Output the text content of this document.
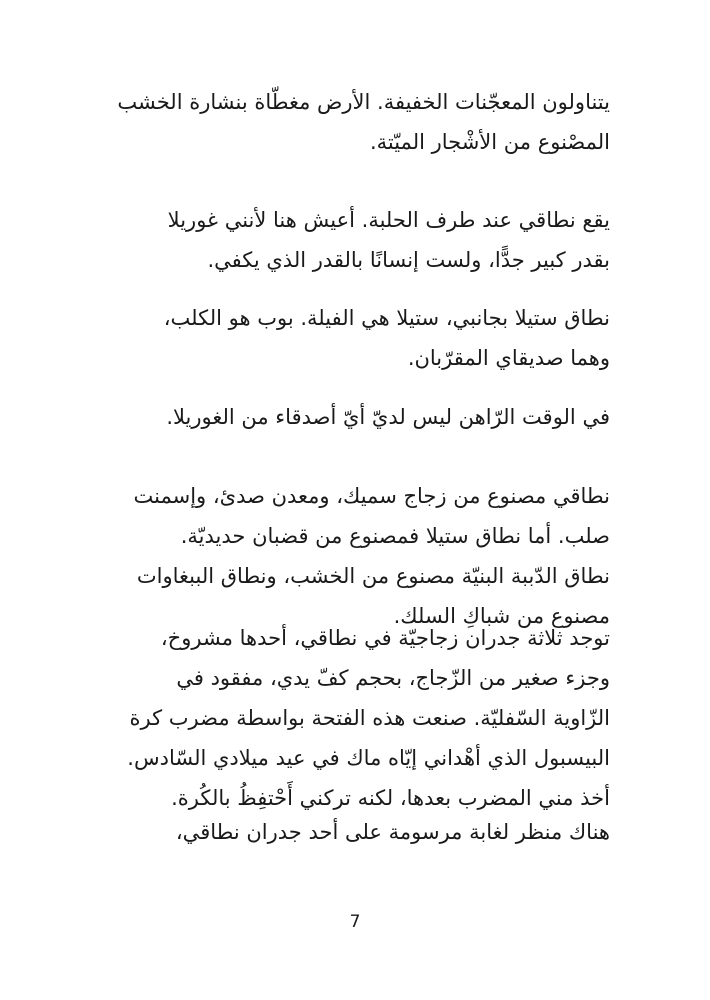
يتناولون المعجّنات الخفيفة. الأرض مغطّاة بنشارة الخشب
المصْنوع من الأشْجار الميّتة.
يقع نطاقي عند طرف الحلبة. أعيش هنا لأنني غوريلا
بقدر كبير جدًّا، ولست إنسانًا بالقدر الذي يكفي.
نطاق ستيلا بجانبي، ستيلا هي الفيلة. بوب هو الكلب،
وهما صديقاي المقرّبان.
في الوقت الرّاهن ليس لديّ أيّ أصدقاء من الغوريلا.
نطاقي مصنوع من زجاج سميك، ومعدن صدئ، وإسمنت
صلب. أما نطاق ستيلا فمصنوع من قضبان حديديّة.
نطاق الدّببة البنيّة مصنوع من الخشب، ونطاق الببغاوات
مصنوع من شباكِ السلك.
توجد ثلاثة جدران زجاجيّة في نطاقي، أحدها مشروخ،
وجزء صغير من الزّجاج، بحجم كفّ يدي، مفقود في
الزّاوية السّفليّة. صنعت هذه الفتحة بواسطة مضرب كرة
البيسبول الذي أهْداني إيّاه ماك في عيد ميلادي السّادس.
أخذ مني المضرب بعدها، لكنه تركني أَحْتفِظُ بالكُرة.
هناك منظر لغابة مرسومة على أحد جدران نطاقي،
7
